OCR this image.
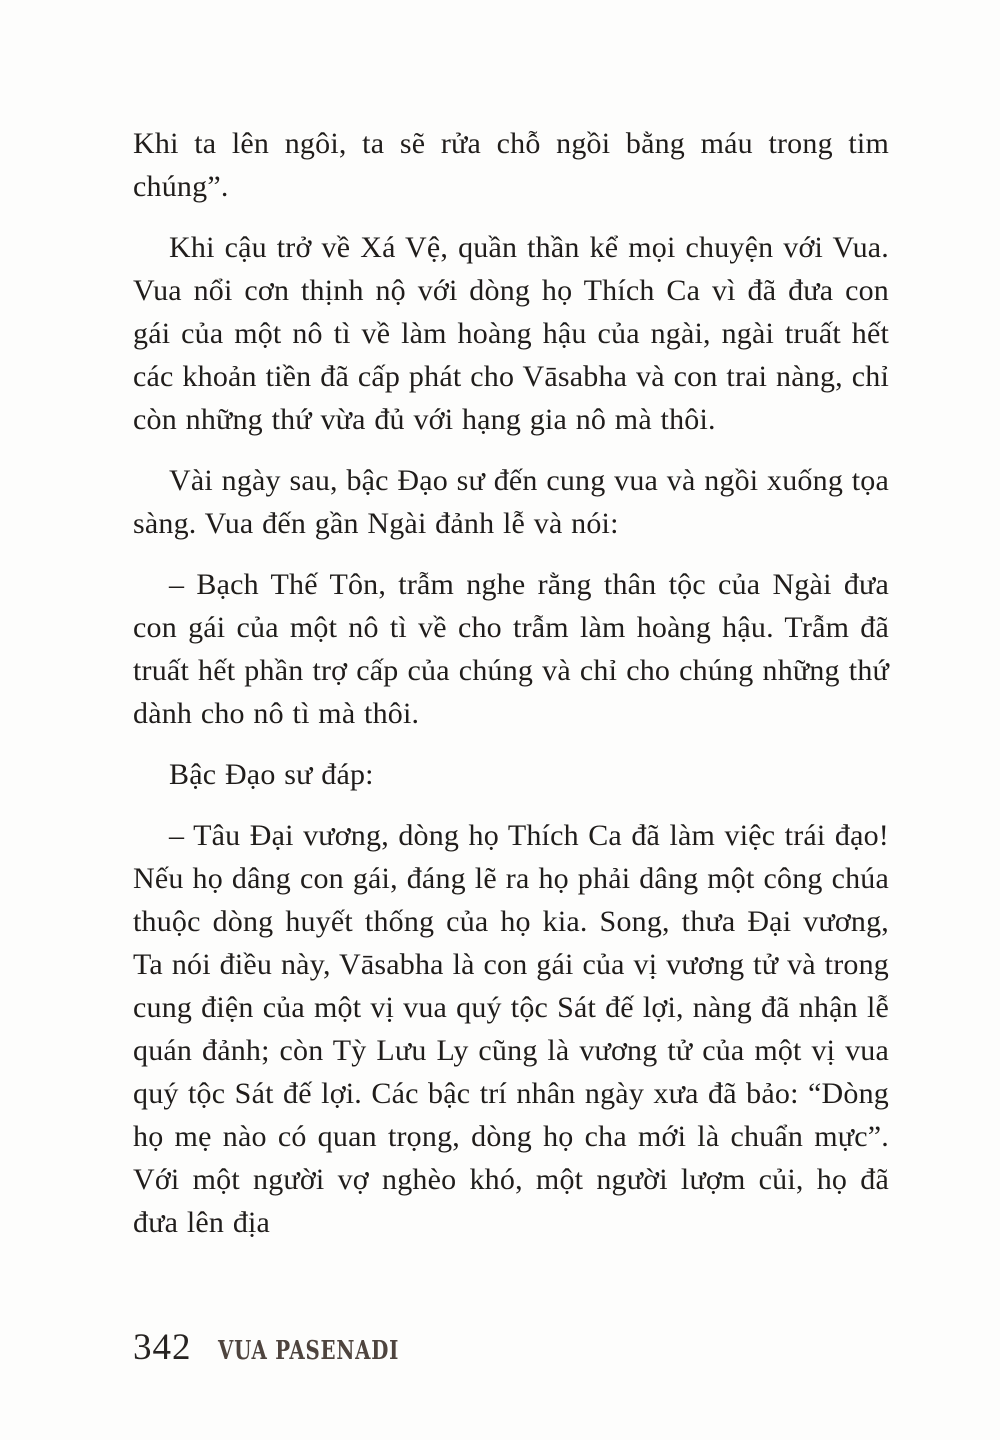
Khi ta lên ngôi, ta sẽ rửa chỗ ngồi bằng máu trong tim chúng”.

Khi cậu trở về Xá Vệ, quần thần kể mọi chuyện với Vua. Vua nổi cơn thịnh nộ với dòng họ Thích Ca vì đã đưa con gái của một nô tì về làm hoàng hậu của ngài, ngài truất hết các khoản tiền đã cấp phát cho Vāsabha và con trai nàng, chỉ còn những thứ vừa đủ với hạng gia nô mà thôi.

Vài ngày sau, bậc Đạo sư đến cung vua và ngồi xuống tọa sàng. Vua đến gần Ngài đảnh lễ và nói:

– Bạch Thế Tôn, trẫm nghe rằng thân tộc của Ngài đưa con gái của một nô tì về cho trẫm làm hoàng hậu. Trẫm đã truất hết phần trợ cấp của chúng và chỉ cho chúng những thứ dành cho nô tì mà thôi.

Bậc Đạo sư đáp:

– Tâu Đại vương, dòng họ Thích Ca đã làm việc trái đạo! Nếu họ dâng con gái, đáng lẽ ra họ phải dâng một công chúa thuộc dòng huyết thống của họ kia. Song, thưa Đại vương, Ta nói điều này, Vāsabha là con gái của vị vương tử và trong cung điện của một vị vua quý tộc Sát đế lợi, nàng đã nhận lễ quán đảnh; còn Tỳ Lưu Ly cũng là vương tử của một vị vua quý tộc Sát đế lợi. Các bậc trí nhân ngày xưa đã bảo: “Dòng họ mẹ nào có quan trọng, dòng họ cha mới là chuẩn mực”. Với một người vợ nghèo khó, một người lượm củi, họ đã đưa lên địa

342 VUA PASENADI
